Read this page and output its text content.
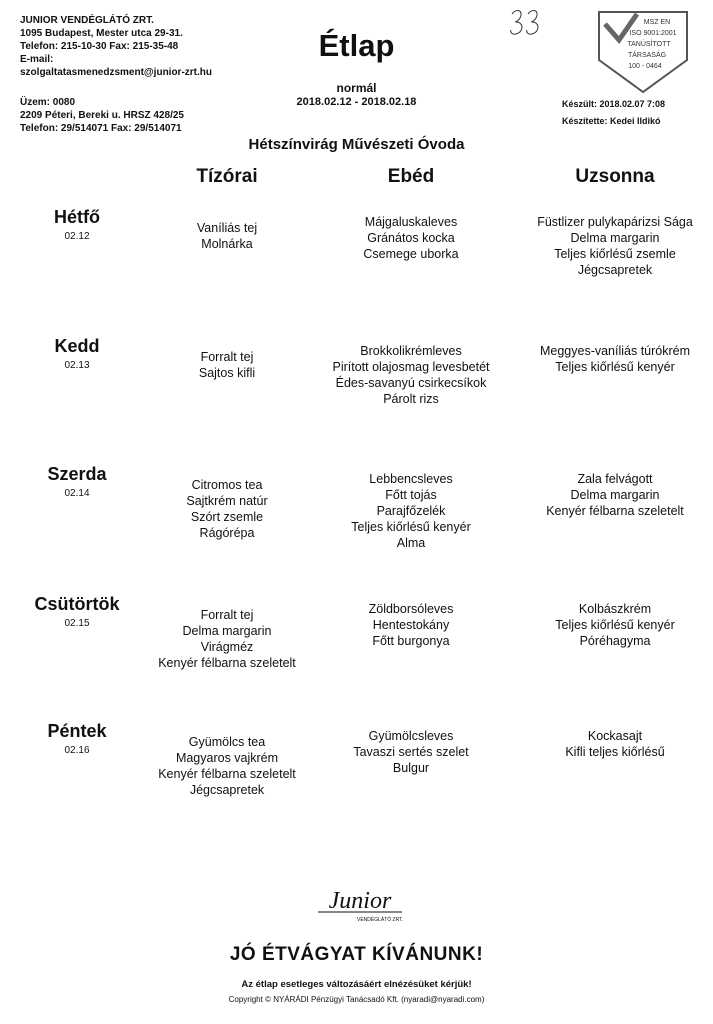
JUNIOR VENDÉGLÁTÓ ZRT.
1095 Budapest, Mester utca 29-31.
Telefon: 215-10-30 Fax: 215-35-48
E-mail:
szolgaltatasmenedzsment@junior-zrt.hu
Üzem: 0080
2209 Péteri, Bereki u. HRSZ 428/25
Telefon: 29/514071 Fax: 29/514071
Étlap
normál
2018.02.12 - 2018.02.18
MSZ EN
ISO 9001:2001
TANÚSÍTOTT
TÁRSASÁG
100 - 0464
Készült: 2018.02.07 7:08
Készítette: Kedei Ildikó
Hétszínvirág Művészeti Óvoda
Tízórai	Ebéd	Uzsonna
Hétfő
02.12
Vaníliás tej
Molnárka
Májgaluskaleves
Gránátos kocka
Csemege uborka
Füstlizer pulykapárizsi Sága
Delma margarin
Teljes kiőrlésű zsemle
Jégcsapretek
Kedd
02.13
Forralt tej
Sajtos kifli
Brokkolikrémleves
Pirított olajosmag levesbetét
Édes-savanyú csirkecsíkok
Párolt rizs
Meggyes-vaníliás túrókrém
Teljes kiőrlésű kenyér
Szerda
02.14
Citromos tea
Sajtkrém natúr
Szórt zsemle
Rágórépa
Lebbencsleves
Főtt tojás
Parajfőzelék
Teljes kiőrlésű kenyér
Alma
Zala felvágott
Delma margarin
Kenyér félbarna szeletelt
Csütörtök
02.15
Forralt tej
Delma margarin
Virágméz
Kenyér félbarna szeletelt
Zöldborsóleves
Hentestokány
Főtt burgonya
Kolbászkrém
Teljes kiőrlésű kenyér
Póréhagyma
Péntek
02.16
Gyümölcs tea
Magyaros vajkrém
Kenyér félbarna szeletelt
Jégcsapretek
Gyümölcsleves
Tavaszi sertés szelet
Bulgur
Kockasajt
Kifli teljes kiőrlésű
Junior
VENDÉGLÁTÓ ZRT.
JÓ ÉTVÁGYAT KÍVÁNUNK!
Az étlap esetleges változásáért elnézésüket kérjük!
Copyright © NYÁRÁDI Pénzügyi Tanácsadó Kft. (nyaradi@nyaradi.com)
